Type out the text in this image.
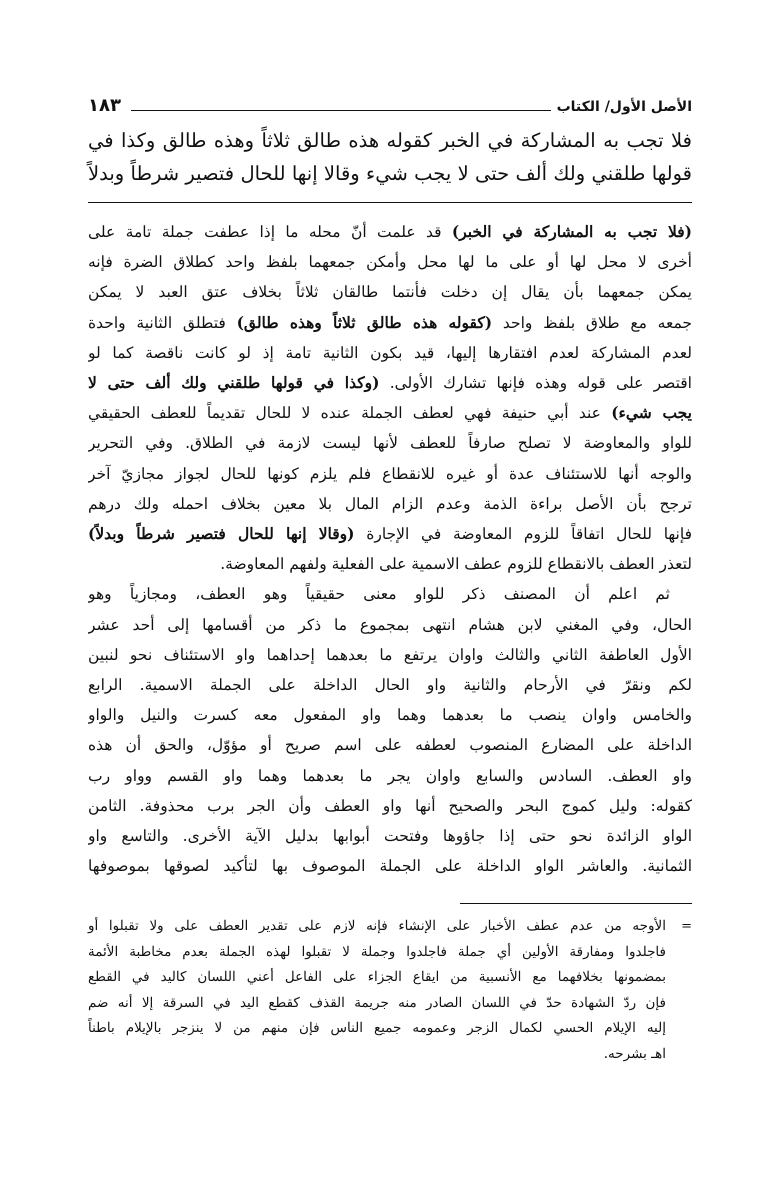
الأصل الأول/ الكتاب
١٨٣
فلا تجب به المشاركة في الخبر كقوله هذه طالق ثلاثاً وهذه طالق وكذا في
قولها طلقني ولك ألف حتى لا يجب شيء وقالا إنها للحال فتصير شرطاً وبدلاً
(فلا تجب به المشاركة في الخبر) قد علمت أنّ محله ما إذا عطفت جملة تامة على
أخرى لا محل لها أو على ما لها محل وأمكن جمعهما بلفظ واحد كطلاق الضرة فإنه
يمكن جمعهما بأن يقال إن دخلت فأنتما طالقان ثلاثاً بخلاف عتق العبد لا يمكن
جمعه مع طلاق بلفظ واحد (كقوله هذه طالق ثلاثاً وهذه طالق) فتطلق الثانية واحدة
لعدم المشاركة لعدم افتقارها إليها، قيد بكون الثانية تامة إذ لو كانت ناقصة كما لو
اقتصر على قوله وهذه فإنها تشارك الأولى. (وكذا في قولها طلقني ولك ألف حتى لا
يجب شيء) عند أبي حنيفة فهي لعطف الجملة عنده لا للحال تقديماً للعطف الحقيقي
للواو والمعاوضة لا تصلح صارفاً للعطف لأنها ليست لازمة في الطلاق. وفي التحرير
والوجه أنها للاستئناف عدة أو غيره للانقطاع فلم يلزم كونها للحال لجواز مجازيّ آخر
ترجح بأن الأصل براءة الذمة وعدم الزام المال بلا معين بخلاف احمله ولك درهم
فإنها للحال اتفاقاً للزوم المعاوضة في الإجارة (وقالا إنها للحال فتصير شرطاً وبدلاً)
لتعذر العطف بالانقطاع للزوم عطف الاسمية على الفعلية ولفهم المعاوضة.
ثم اعلم أن المصنف ذكر للواو معنى حقيقياً وهو العطف، ومجازياً وهو
الحال، وفي المغني لابن هشام انتهى بمجموع ما ذكر من أقسامها إلى أحد عشر
الأول العاطفة الثاني والثالث واوان يرتفع ما بعدهما إحداهما واو الاستئناف نحو لنبين
لكم ونقرّ في الأرحام والثانية واو الحال الداخلة على الجملة الاسمية. الرابع
والخامس واوان ينصب ما بعدهما وهما واو المفعول معه كسرت والنيل والواو
الداخلة على المضارع المنصوب لعطفه على اسم صريح أو مؤوّل، والحق أن هذه
واو العطف. السادس والسابع واوان يجر ما بعدهما وهما واو القسم وواو رب
كقوله: وليل كموج البحر والصحيح أنها واو العطف وأن الجر برب محذوفة. الثامن
الواو الزائدة نحو حتى إذا جاؤوها وفتحت أبوابها بدليل الآية الأخرى. والتاسع واو
الثمانية. والعاشر الواو الداخلة على الجملة الموصوف بها لتأكيد لصوقها بموصوفها
=
الأوجه من عدم عطف الأخبار على الإنشاء فإنه لازم على تقدير العطف على ولا تقبلوا أو
فاجلدوا ومفارقة الأولين أي جملة فاجلدوا وجملة لا تقبلوا لهذه الجملة بعدم مخاطبة الأئمة
بمضمونها بخلافهما مع الأنسبية من ايقاع الجزاء على الفاعل أعني اللسان كاليد في القطع
فإن ردّ الشهادة حدّ في اللسان الصادر منه جريمة القذف كقطع اليد في السرقة إلا أنه ضم
إليه الإيلام الحسي لكمال الزجر وعمومه جميع الناس فإن منهم من لا ينزجر بالإيلام باطناً
اهـ بشرحه.
